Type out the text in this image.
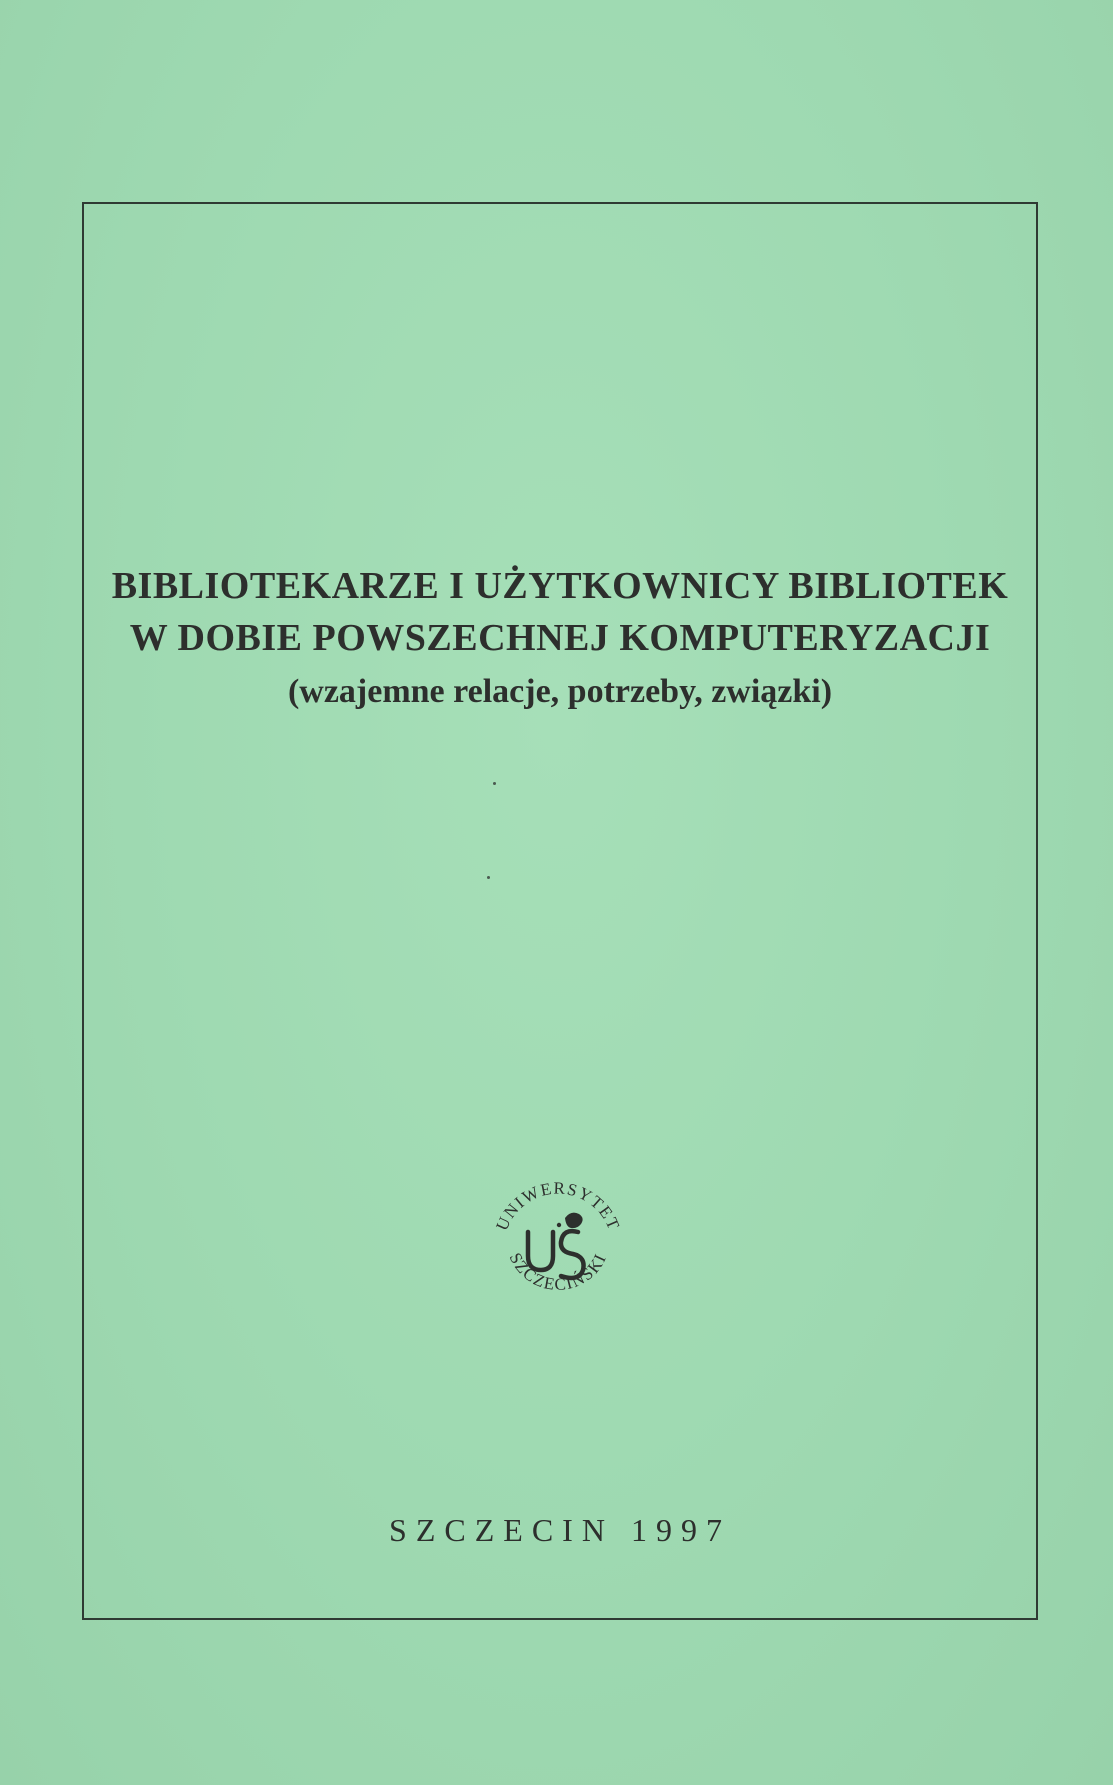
BIBLIOTEKARZE I UŻYTKOWNICY BIBLIOTEK
W DOBIE POWSZECHNEJ KOMPUTERYZACJI
(wzajemne relacje, potrzeby, związki)
UNIWERSYTET
SZCZECIŃSKI
SZCZECIN 1997
